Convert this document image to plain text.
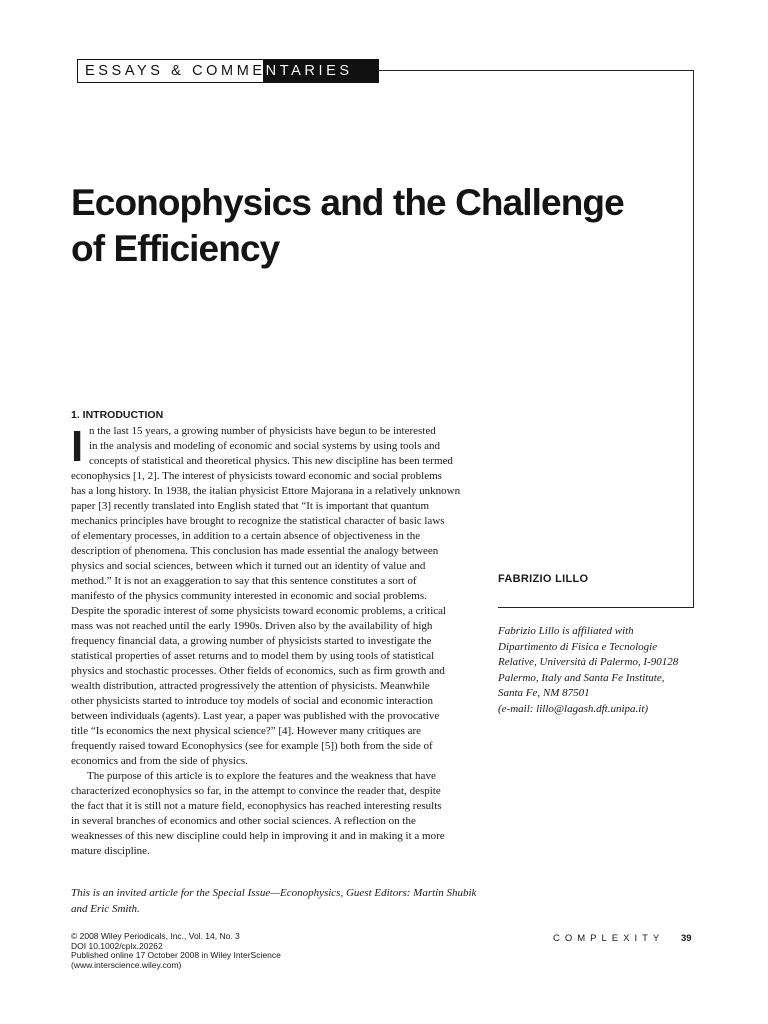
ESSAYS & COMMENTARIES

Econophysics and the Challenge
of Efficiency

FABRIZIO LILLO

Fabrizio Lillo is affiliated with
Dipartimento di Fisica e Tecnologie
Relative, Università di Palermo, I-90128
Palermo, Italy and Santa Fe Institute,
Santa Fe, NM 87501
(e-mail: lillo@lagash.dft.unipa.it)

1. INTRODUCTION

I n the last 15 years, a growing number of physicists have begun to be interested
in the analysis and modeling of economic and social systems by using tools and
concepts of statistical and theoretical physics. This new discipline has been termed
econophysics [1, 2]. The interest of physicists toward economic and social problems
has a long history. In 1938, the italian physicist Ettore Majorana in a relatively unknown
paper [3] recently translated into English stated that “It is important that quantum
mechanics principles have brought to recognize the statistical character of basic laws
of elementary processes, in addition to a certain absence of objectiveness in the
description of phenomena. This conclusion has made essential the analogy between
physics and social sciences, between which it turned out an identity of value and
method.” It is not an exaggeration to say that this sentence constitutes a sort of
manifesto of the physics community interested in economic and social problems.
Despite the sporadic interest of some physicists toward economic problems, a critical
mass was not reached until the early 1990s. Driven also by the availability of high
frequency financial data, a growing number of physicists started to investigate the
statistical properties of asset returns and to model them by using tools of statistical
physics and stochastic processes. Other fields of economics, such as firm growth and
wealth distribution, attracted progressively the attention of physicists. Meanwhile
other physicists started to introduce toy models of social and economic interaction
between individuals (agents). Last year, a paper was published with the provocative
title “Is economics the next physical science?” [4]. However many critiques are
frequently raised toward Econophysics (see for example [5]) both from the side of
economics and from the side of physics.
The purpose of this article is to explore the features and the weakness that have
characterized econophysics so far, in the attempt to convince the reader that, despite
the fact that it is still not a mature field, econophysics has reached interesting results
in several branches of economics and other social sciences. A reflection on the
weaknesses of this new discipline could help in improving it and in making it a more
mature discipline.

This is an invited article for the Special Issue—Econophysics, Guest Editors: Martin Shubik and Eric Smith.

© 2008 Wiley Periodicals, Inc., Vol. 14, No. 3
DOI 10.1002/cplx.20262
Published online 17 October 2008 in Wiley InterScience
(www.interscience.wiley.com)

COMPLEXITY 39
